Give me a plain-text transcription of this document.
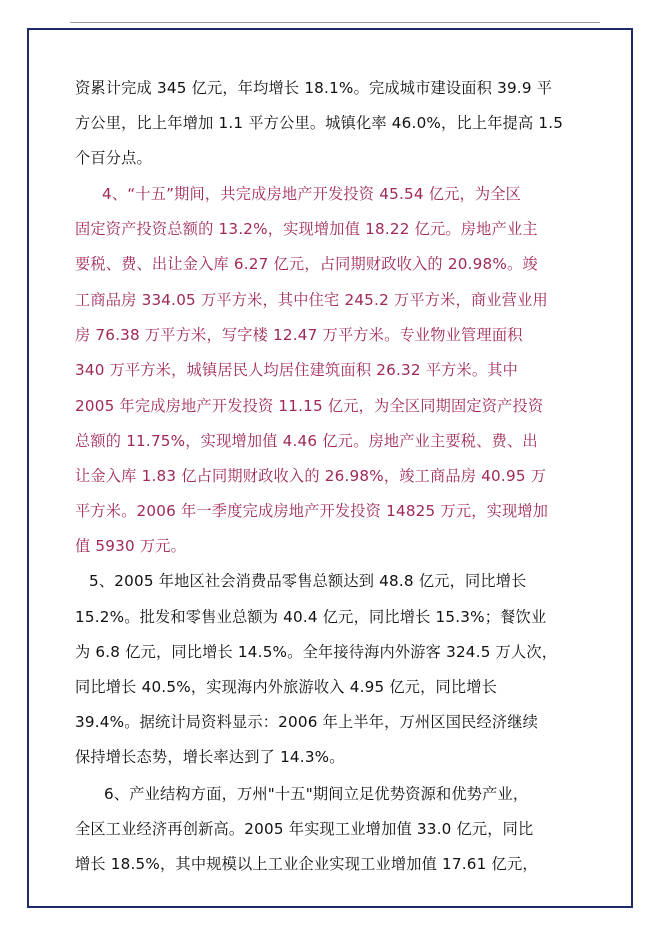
资累计完成 345 亿元，年均增长 18.1%。完成城市建设面积 39.9 平
方公里，比上年增加 1.1 平方公里。城镇化率 46.0%，比上年提高 1.5
个百分点。
4、“十五”期间，共完成房地产开发投资 45.54 亿元，为全区
固定资产投资总额的 13.2%，实现增加值 18.22 亿元。房地产业主
要税、费、出让金入库 6.27 亿元，占同期财政收入的 20.98%。竣
工商品房 334.05 万平方米，其中住宅 245.2 万平方米，商业营业用
房 76.38 万平方米，写字楼 12.47 万平方米。专业物业管理面积
340 万平方米，城镇居民人均居住建筑面积 26.32 平方米。其中
2005 年完成房地产开发投资 11.15 亿元，为全区同期固定资产投资
总额的 11.75%，实现增加值 4.46 亿元。房地产业主要税、费、出
让金入库 1.83 亿占同期财政收入的 26.98%，竣工商品房 40.95 万
平方米。2006 年一季度完成房地产开发投资 14825 万元，实现增加
值 5930 万元。
5、2005 年地区社会消费品零售总额达到 48.8 亿元，同比增长
15.2%。批发和零售业总额为 40.4 亿元，同比增长 15.3%；餐饮业
为 6.8 亿元，同比增长 14.5%。全年接待海内外游客 324.5 万人次，
同比增长 40.5%，实现海内外旅游收入 4.95 亿元，同比增长
39.4%。据统计局资料显示：2006 年上半年，万州区国民经济继续
保持增长态势，增长率达到了 14.3%。
6、产业结构方面，万州"十五"期间立足优势资源和优势产业，
全区工业经济再创新高。2005 年实现工业增加值 33.0 亿元，同比
增长 18.5%，其中规模以上工业企业实现工业增加值 17.61 亿元，
